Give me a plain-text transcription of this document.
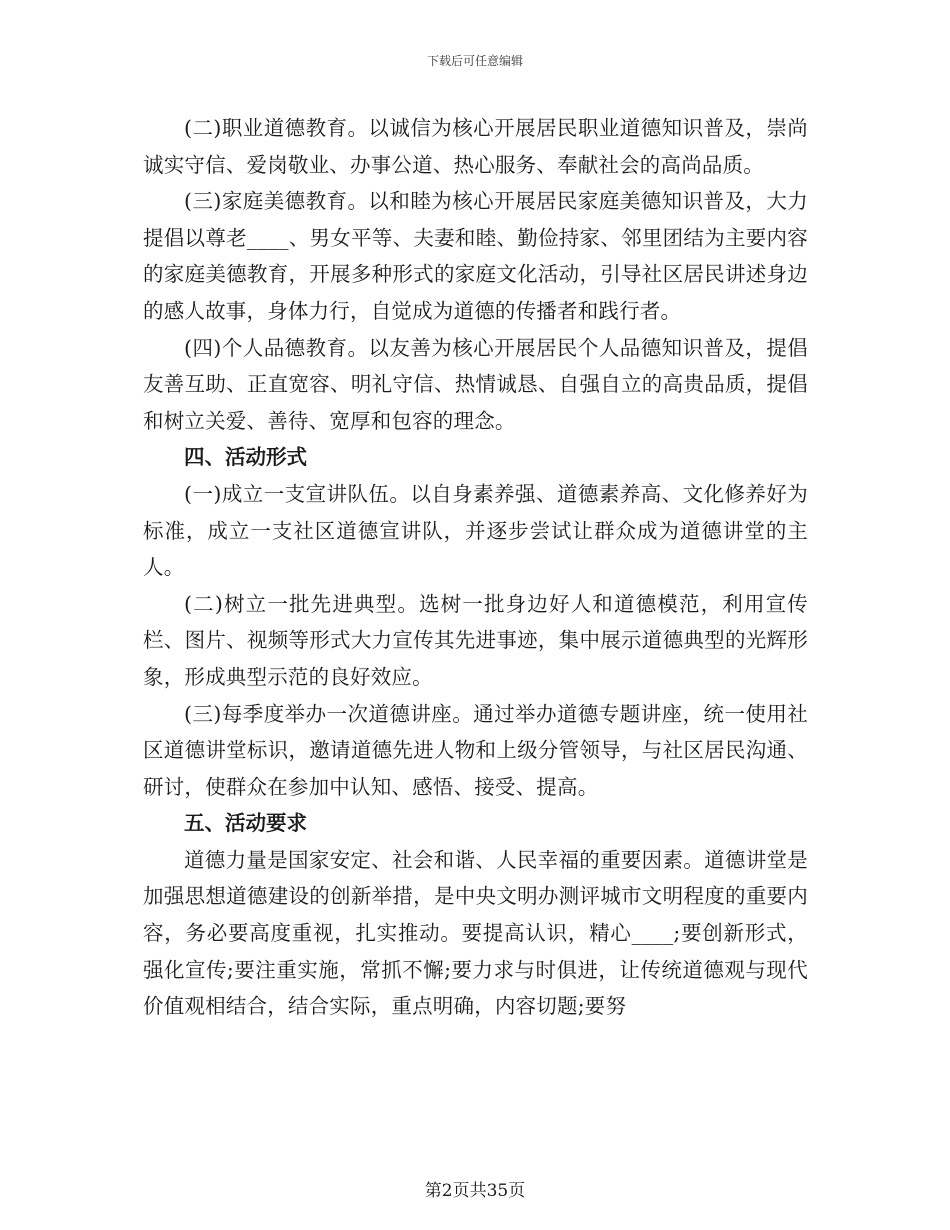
下载后可任意编辑

(二)职业道德教育。以诚信为核心开展居民职业道德知识普及，崇尚诚实守信、爱岗敬业、办事公道、热心服务、奉献社会的高尚品质。

(三)家庭美德教育。以和睦为核心开展居民家庭美德知识普及，大力提倡以尊老____、男女平等、夫妻和睦、勤俭持家、邻里团结为主要内容的家庭美德教育，开展多种形式的家庭文化活动，引导社区居民讲述身边的感人故事，身体力行，自觉成为道德的传播者和践行者。

(四)个人品德教育。以友善为核心开展居民个人品德知识普及，提倡友善互助、正直宽容、明礼守信、热情诚恳、自强自立的高贵品质，提倡和树立关爱、善待、宽厚和包容的理念。

四、活动形式

(一)成立一支宣讲队伍。以自身素养强、道德素养高、文化修养好为标准，成立一支社区道德宣讲队，并逐步尝试让群众成为道德讲堂的主人。

(二)树立一批先进典型。选树一批身边好人和道德模范，利用宣传栏、图片、视频等形式大力宣传其先进事迹，集中展示道德典型的光辉形象，形成典型示范的良好效应。

(三)每季度举办一次道德讲座。通过举办道德专题讲座，统一使用社区道德讲堂标识，邀请道德先进人物和上级分管领导，与社区居民沟通、研讨，使群众在参加中认知、感悟、接受、提高。

五、活动要求

道德力量是国家安定、社会和谐、人民幸福的重要因素。道德讲堂是加强思想道德建设的创新举措，是中央文明办测评城市文明程度的重要内容，务必要高度重视，扎实推动。要提高认识，精心____;要创新形式，强化宣传;要注重实施，常抓不懈;要力求与时俱进，让传统道德观与现代价值观相结合，结合实际，重点明确，内容切题;要努

第2页共35页
